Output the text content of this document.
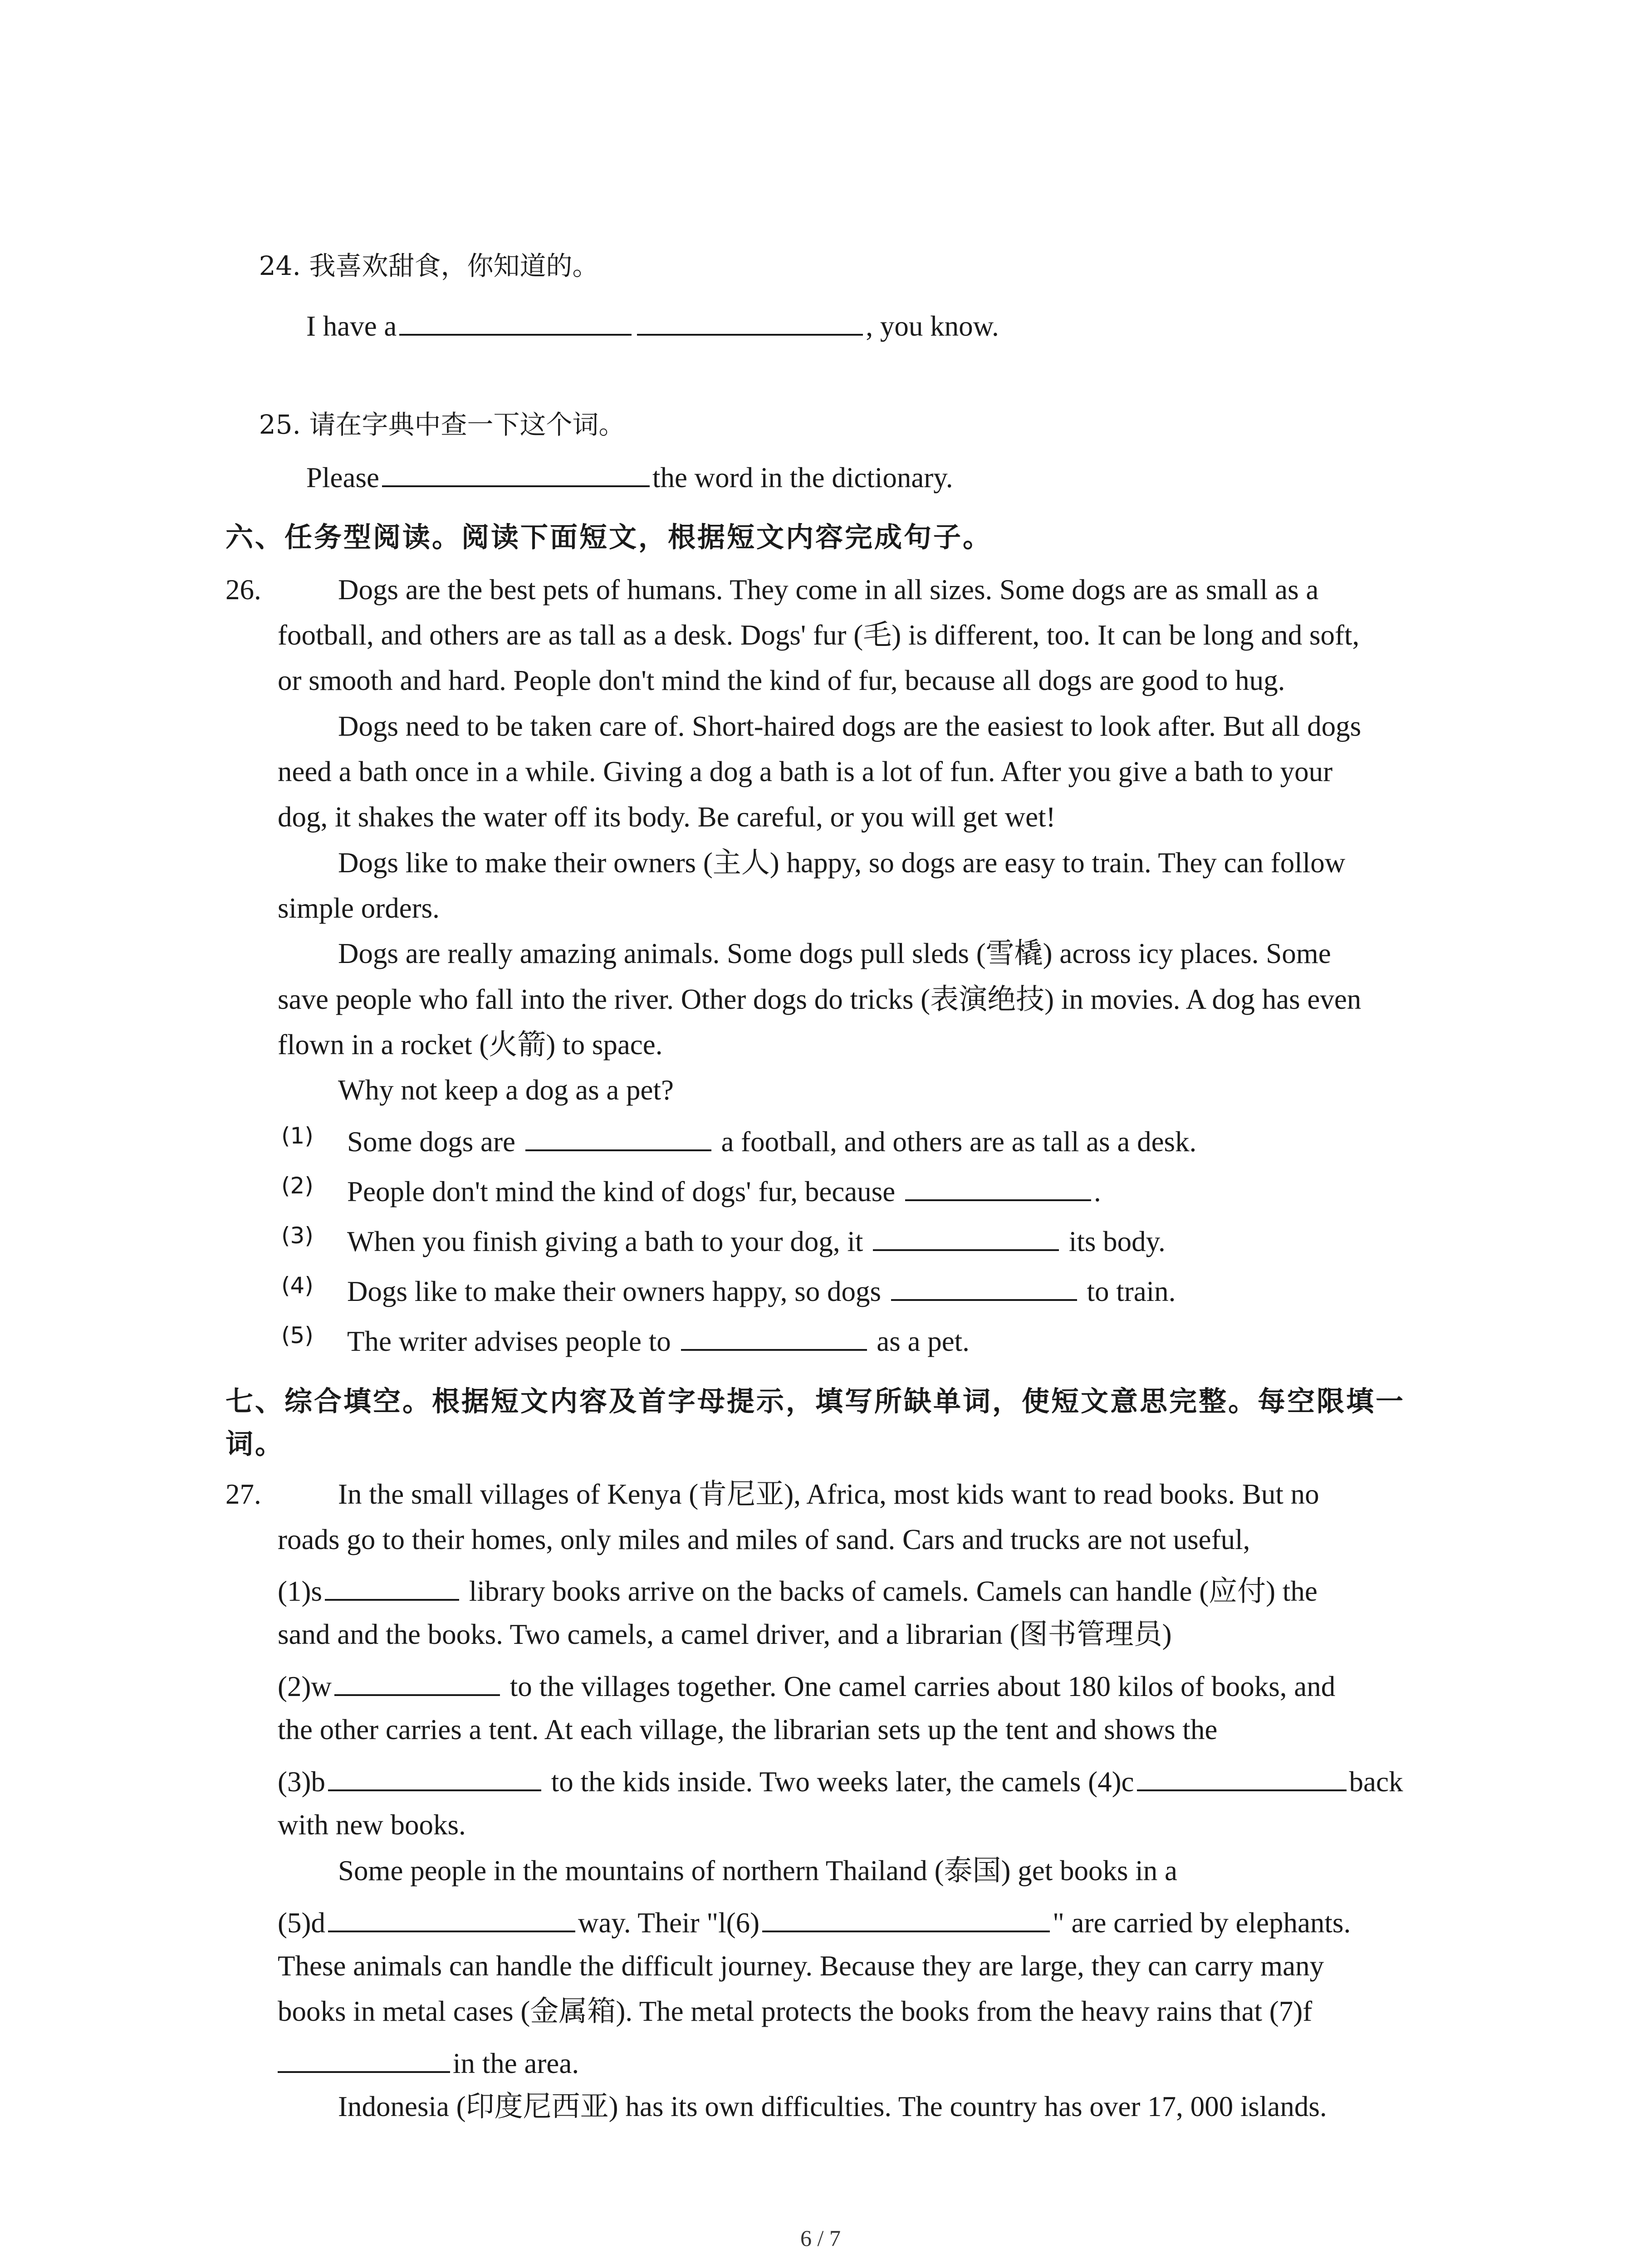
24. 我喜欢甜食，你知道的。

I have a	, you know.

25. 请在字典中查一下这个词。

Please	the word in the dictionary.

六、任务型阅读。阅读下面短文，根据短文内容完成句子。
26.	Dogs are the best pets of humans. They come in all sizes. Some dogs are as small as a
football, and others are as tall as a desk. Dogs' fur (毛) is different, too. It can be long and soft,
or smooth and hard. People don't mind the kind of fur, because all dogs are good to hug.
Dogs need to be taken care of. Short-haired dogs are the easiest to look after. But all dogs
need a bath once in a while. Giving a dog a bath is a lot of fun. After you give a bath to your
dog, it shakes the water off its body. Be careful, or you will get wet!
Dogs like to make their owners (主人) happy, so dogs are easy to train. They can follow
simple orders.
Dogs are really amazing animals. Some dogs pull sleds (雪橇) across icy places. Some
save people who fall into the river. Other dogs do tricks (表演绝技) in movies. A dog has even
flown in a rocket (火箭) to space.
Why not keep a dog as a pet?
(1) Some dogs are	a football, and others are as tall as a desk.
(2) People don't mind the kind of dogs' fur, because	.
(3) When you finish giving a bath to your dog, it	its body.
(4) Dogs like to make their owners happy, so dogs	to train.
(5) The writer advises people to	as a pet.
七、综合填空。根据短文内容及首字母提示，填写所缺单词，使短文意思完整。每空限填一
词。
27.	In the small villages of Kenya (肯尼亚), Africa, most kids want to read books. But no
roads go to their homes, only miles and miles of sand. Cars and trucks are not useful,
(1)s	library books arrive on the backs of camels. Camels can handle (应付) the
sand and the books. Two camels, a camel driver, and a librarian (图书管理员)
(2)w	to the villages together. One camel carries about 180 kilos of books, and
the other carries a tent. At each village, the librarian sets up the tent and shows the
(3)b	to the kids inside. Two weeks later, the camels (4)c	back
with new books.
Some people in the mountains of northern Thailand (泰国) get books in a
(5)d	way. Their "l(6)	" are carried by elephants.
These animals can handle the difficult journey. Because they are large, they can carry many
books in metal cases (金属箱). The metal protects the books from the heavy rains that (7)f
in the area.
Indonesia (印度尼西亚) has its own difficulties. The country has over 17, 000 islands.
6 / 7
